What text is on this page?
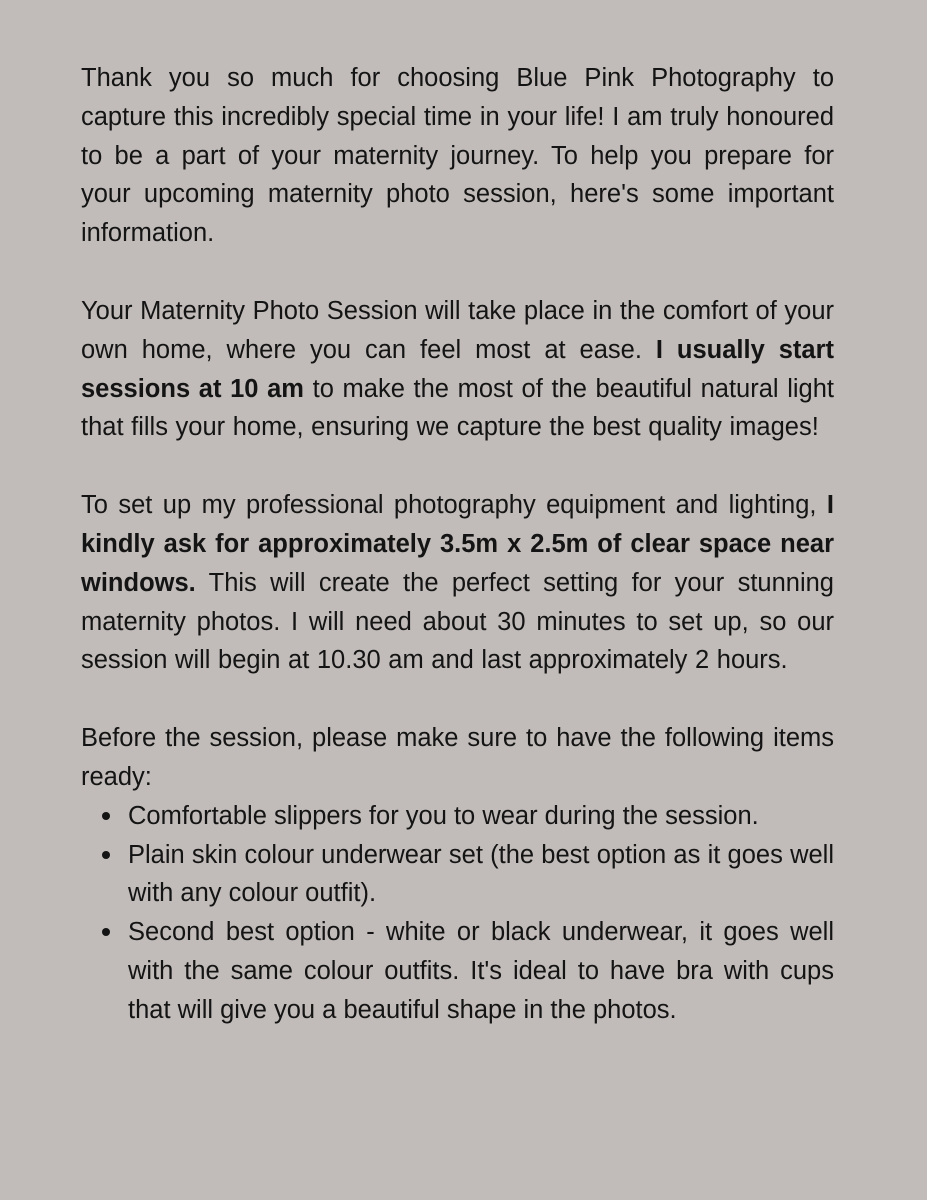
Thank you so much for choosing Blue Pink Photography to capture this incredibly special time in your life! I am truly honoured to be a part of your maternity journey. To help you prepare for your upcoming maternity photo session, here's some important information.

Your Maternity Photo Session will take place in the comfort of your own home, where you can feel most at ease. I usually start sessions at 10 am to make the most of the beautiful natural light that fills your home, ensuring we capture the best quality images!

To set up my professional photography equipment and lighting, I kindly ask for approximately 3.5m x 2.5m of clear space near windows. This will create the perfect setting for your stunning maternity photos. I will need about 30 minutes to set up, so our session will begin at 10.30 am and last approximately 2 hours.

Before the session, please make sure to have the following items ready:

Comfortable slippers for you to wear during the session.
Plain skin colour underwear set (the best option as it goes well with any colour outfit).
Second best option - white or black underwear, it goes well with the same colour outfits. It's ideal to have bra with cups that will give you a beautiful shape in the photos.
